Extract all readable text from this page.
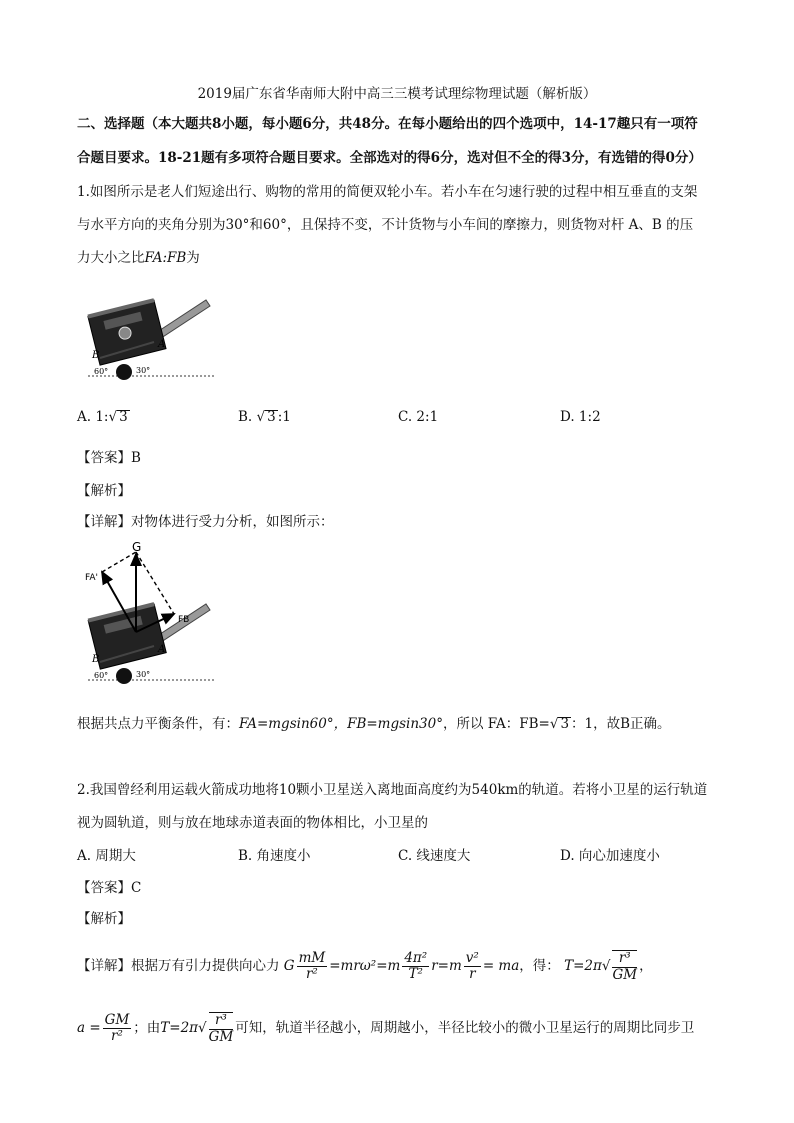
2019届广东省华南师大附中高三三模考试理综物理试题（解析版）
二、选择题（本大题共8小题，每小题6分，共48分。在每小题给出的四个选项中，14-17趣只有一项符
合题目要求。18-21题有多项符合题目要求。全部选对的得6分，选对但不全的得3分，有选错的得0分）
1.如图所示是老人们短途出行、购物的常用的简便双轮小车。若小车在匀速行驶的过程中相互垂直的支架
与水平方向的夹角分别为30°和60°，且保持不变，不计货物与小车间的摩擦力，则货物对杆 A、B 的压
力大小之比FA:FB为
B
A
60°	30°
A. 1:√ 3	B. √ 3 :1	C. 2:1	D. 1:2
【答案】B
【解析】
【详解】对物体进行受力分析，如图所示：
G
FA'
FB
B
A
60°	30°
根据共点力平衡条件，有：FA=mgsin60°，FB=mgsin30°，所以 FA：FB=√ 3 ：1，故B正确。
2.我国曾经利用运载火箭成功地将10颗小卫星送入离地面高度约为540km的轨道。若将小卫星的运行轨道
视为圆轨道，则与放在地球赤道表面的物体相比，小卫星的
A. 周期大	B. 角速度小	C. 线速度大	D. 向心加速度小
【答案】C
【解析】
【详解】根据万有引力提供向心力 G $\frac{mM}{\text{r²}} =mr\omega^2=m \frac{\text{4π²}}{\text{T²}} r=m \frac{\text{v²}}{r}$ = ma，得： $T=2\pi√ \frac{\text{r³}}{GM}$ ，
$a = \frac{GM}{\text{r²}}$ ；由$T=2\pi√ \frac{\text{r³}}{GM}$ 可知，轨道半径越小，周期越小，半径比较小的微小卫星运行的周期比同步卫
